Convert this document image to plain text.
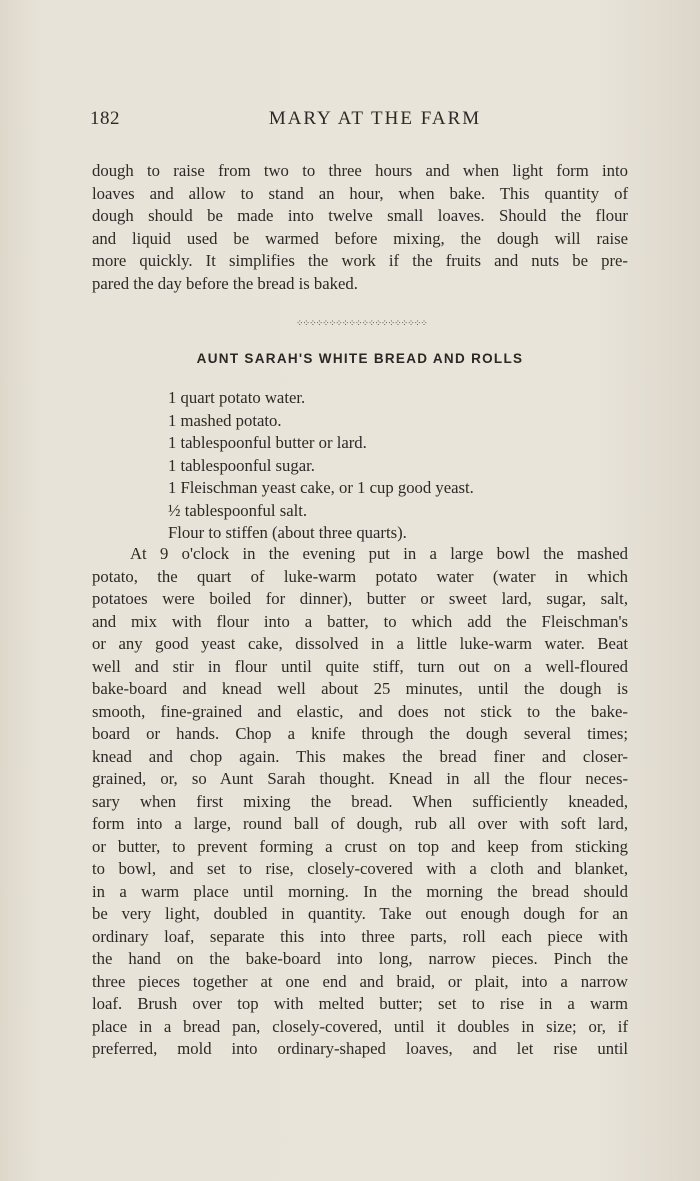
182	MARY AT THE FARM
dough to raise from two to three hours and when light form into
loaves and allow to stand an hour, when bake. This quantity of
dough should be made into twelve small loaves. Should the flour
and liquid used be warmed before mixing, the dough will raise
more quickly. It simplifies the work if the fruits and nuts be pre-
pared the day before the bread is baked.
⁘⁘⁘⁘⁘⁘⁘⁘⁘⁘⁘⁘⁘⁘⁘⁘⁘⁘⁘⁘
AUNT SARAH'S WHITE BREAD AND ROLLS
1 quart potato water.
1 mashed potato.
1 tablespoonful butter or lard.
1 tablespoonful sugar.
1 Fleischman yeast cake, or 1 cup good yeast.
½ tablespoonful salt.
Flour to stiffen (about three quarts).
At 9 o'clock in the evening put in a large bowl the mashed
potato, the quart of luke-warm potato water (water in which
potatoes were boiled for dinner), butter or sweet lard, sugar, salt,
and mix with flour into a batter, to which add the Fleischman's
or any good yeast cake, dissolved in a little luke-warm water. Beat
well and stir in flour until quite stiff, turn out on a well-floured
bake-board and knead well about 25 minutes, until the dough is
smooth, fine-grained and elastic, and does not stick to the bake-
board or hands. Chop a knife through the dough several times;
knead and chop again. This makes the bread finer and closer-
grained, or, so Aunt Sarah thought. Knead in all the flour neces-
sary when first mixing the bread. When sufficiently kneaded,
form into a large, round ball of dough, rub all over with soft lard,
or butter, to prevent forming a crust on top and keep from sticking
to bowl, and set to rise, closely-covered with a cloth and blanket,
in a warm place until morning. In the morning the bread should
be very light, doubled in quantity. Take out enough dough for an
ordinary loaf, separate this into three parts, roll each piece with
the hand on the bake-board into long, narrow pieces. Pinch the
three pieces together at one end and braid, or plait, into a narrow
loaf. Brush over top with melted butter; set to rise in a warm
place in a bread pan, closely-covered, until it doubles in size; or, if
preferred, mold into ordinary-shaped loaves, and let rise until
